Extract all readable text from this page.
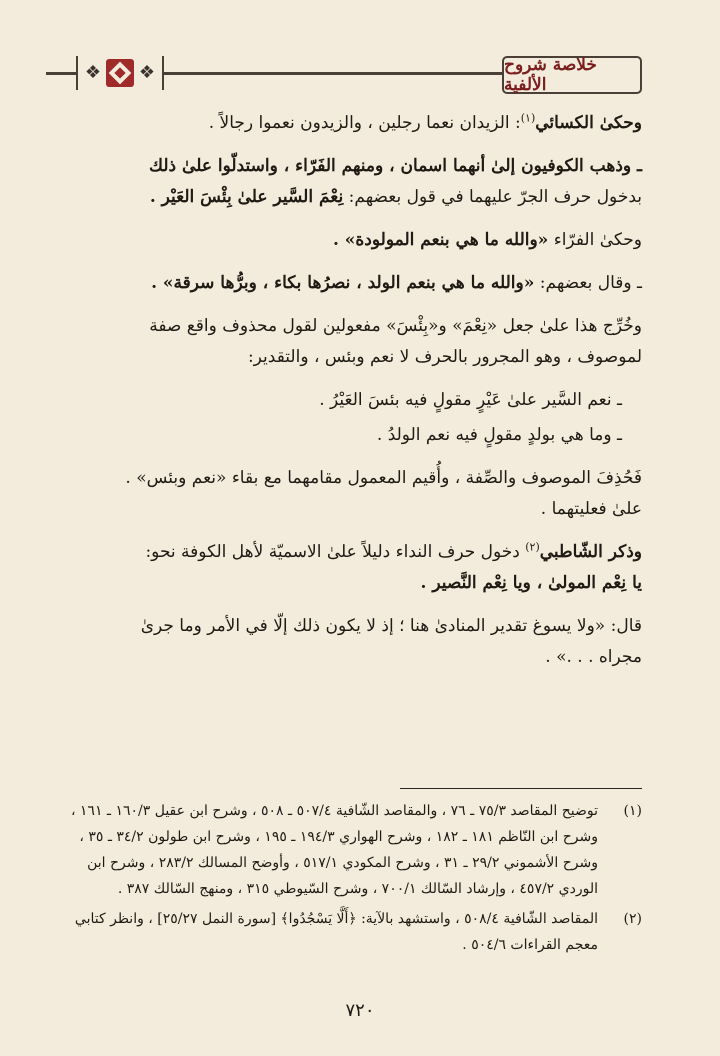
❖ ❖	خلاصة شروح الألفية

وحكىٰ الكسائي$^{(١)}$: الزيدان نعما رجلين ، والزيدون نعموا رجالاً .

ـ وذهب الكوفيون إلىٰ أنهما اسمان ، ومنهم الفَرّاء ، واستدلّوا علىٰ ذلك
بدخول حرف الجرّ عليهما في قول بعضهم: نِعْمَ السَّير علىٰ بِئْسَ العَيْر .

وحكىٰ الفرّاء «والله ما هي بنعم المولودة» .

ـ وقال بعضهم: «والله ما هي بنعم الولد ، نصرُها بكاء ، وبرُّها سرقة» .

وخُرِّج هذا علىٰ جعل «نِعْمَ» و«بِئْسَ» مفعولين لقول محذوف واقع صفة
لموصوف ، وهو المجرور بالحرف لا نعم وبئس ، والتقدير:

ـ نعم السَّير علىٰ عَيْرٍ مقولٍ فيه بئسَ العَيْرُ .

ـ وما هي بولدٍ مقولٍ فيه نعم الولدُ .

فَحُذِفَ الموصوف والصِّفة ، وأُقيم المعمول مقامهما مع بقاء «نعم وبئس» .
علىٰ فعليتهما .

وذكر الشّاطبي$^{(٢)}$ دخول حرف النداء دليلاً علىٰ الاسميّة لأهل الكوفة نحو:
يا نِعْم المولىٰ ، ويا نِعْم النَّصير .

قال: «ولا يسوغ تقدير المنادىٰ هنا ؛ إذ لا يكون ذلك إلّا في الأمر وما جرىٰ
مجراه . . .» .

(١)
توضيح المقاصد ٧٥/٣ ـ ٧٦ ، والمقاصد الشّافية ٥٠٧/٤ ـ ٥٠٨ ، وشرح ابن عقيل ١٦٠/٣ ـ ١٦١ ،
وشرح ابن النّاظم ١٨١ ـ ١٨٢ ، وشرح الهواري ١٩٤/٣ ـ ١٩٥ ، وشرح ابن طولون ٣٤/٢ ـ ٣٥ ،
وشرح الأشموني ٢٩/٢ ـ ٣١ ، وشرح المكودي ٥١٧/١ ، وأوضح المسالك ٢٨٣/٢ ، وشرح ابن
الوردي ٤٥٧/٢ ، وإرشاد السّالك ٧٠٠/١ ، وشرح السّيوطي ٣١٥ ، ومنهج السّالك ٣٨٧ .
(٢)
المقاصد الشّافية ٥٠٨/٤ ، واستشهد بالآية: ﴿أَلَّا يَسْجُدُوا﴾ [سورة النمل ٢٥/٢٧] ، وانظر كتابي
معجم القراءات ٥٠٤/٦ .
٧٢٠
